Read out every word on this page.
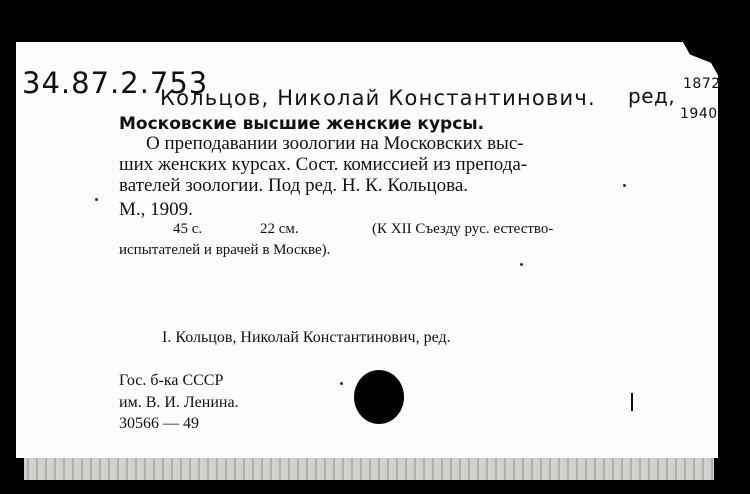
34.87.2.753
Кольцов, Николай Константинович. ред, 1872
1940
Московские высшие женские курсы.
О преподавании зоологии на Московских выс-
ших женских курсах. Сост. комиссией из препода-
вателей зоологии. Под ред. Н. К. Кольцова.
М., 1909.
45 с.	22 см.	(К XII Съезду рус. естество-
испытателей и врачей в Москве).
I. Кольцов, Николай Константинович, ред.
Гос. б-ка СССР
им. В. И. Ленина.
30566 — 49
